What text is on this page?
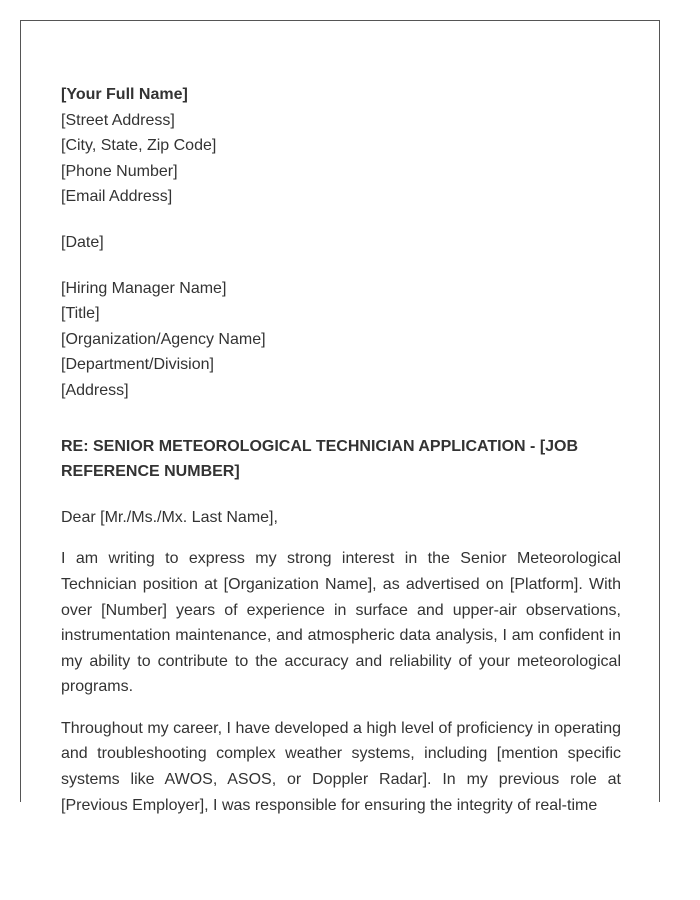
[Your Full Name]
[Street Address]
[City, State, Zip Code]
[Phone Number]
[Email Address]
[Date]
[Hiring Manager Name]
[Title]
[Organization/Agency Name]
[Department/Division]
[Address]
RE: SENIOR METEOROLOGICAL TECHNICIAN APPLICATION - [JOB REFERENCE NUMBER]
Dear [Mr./Ms./Mx. Last Name],

I am writing to express my strong interest in the Senior Meteorological Technician position at [Organization Name], as advertised on [Platform]. With over [Number] years of experience in surface and upper-air observations, instrumentation maintenance, and atmospheric data analysis, I am confident in my ability to contribute to the accuracy and reliability of your meteorological programs.

Throughout my career, I have developed a high level of proficiency in operating and troubleshooting complex weather systems, including [mention specific systems like AWOS, ASOS, or Doppler Radar]. In my previous role at [Previous Employer], I was responsible for ensuring the integrity of real-time
